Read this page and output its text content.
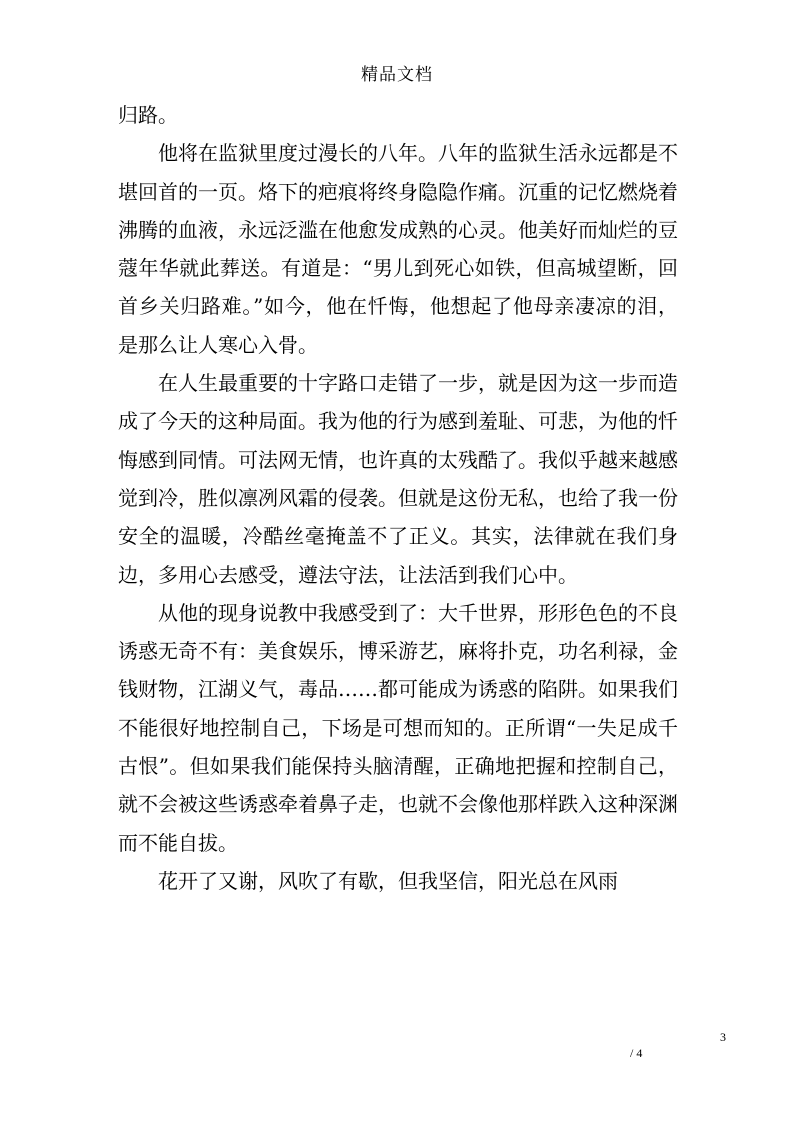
精品文档

归路。

他将在监狱里度过漫长的八年。八年的监狱生活永远都是不堪回首的一页。烙下的疤痕将终身隐隐作痛。沉重的记忆燃烧着沸腾的血液，永远泛滥在他愈发成熟的心灵。他美好而灿烂的豆蔻年华就此葬送。有道是：“男儿到死心如铁，但高城望断，回首乡关归路难。”如今，他在忏悔，他想起了他母亲凄凉的泪，是那么让人寒心入骨。

在人生最重要的十字路口走错了一步，就是因为这一步而造成了今天的这种局面。我为他的行为感到羞耻、可悲，为他的忏悔感到同情。可法网无情，也许真的太残酷了。我似乎越来越感觉到冷，胜似凛冽风霜的侵袭。但就是这份无私，也给了我一份安全的温暖，冷酷丝毫掩盖不了正义。其实，法律就在我们身边，多用心去感受，遵法守法，让法活到我们心中。

从他的现身说教中我感受到了：大千世界，形形色色的不良诱惑无奇不有：美食娱乐，博采游艺，麻将扑克，功名利禄，金钱财物，江湖义气，毒品……都可能成为诱惑的陷阱。如果我们不能很好地控制自己，下场是可想而知的。正所谓“一失足成千古恨”。但如果我们能保持头脑清醒，正确地把握和控制自己，就不会被这些诱惑牵着鼻子走，也就不会像他那样跌入这种深渊而不能自拔。

花开了又谢，风吹了有歇，但我坚信，阳光总在风雨

3
/ 4
